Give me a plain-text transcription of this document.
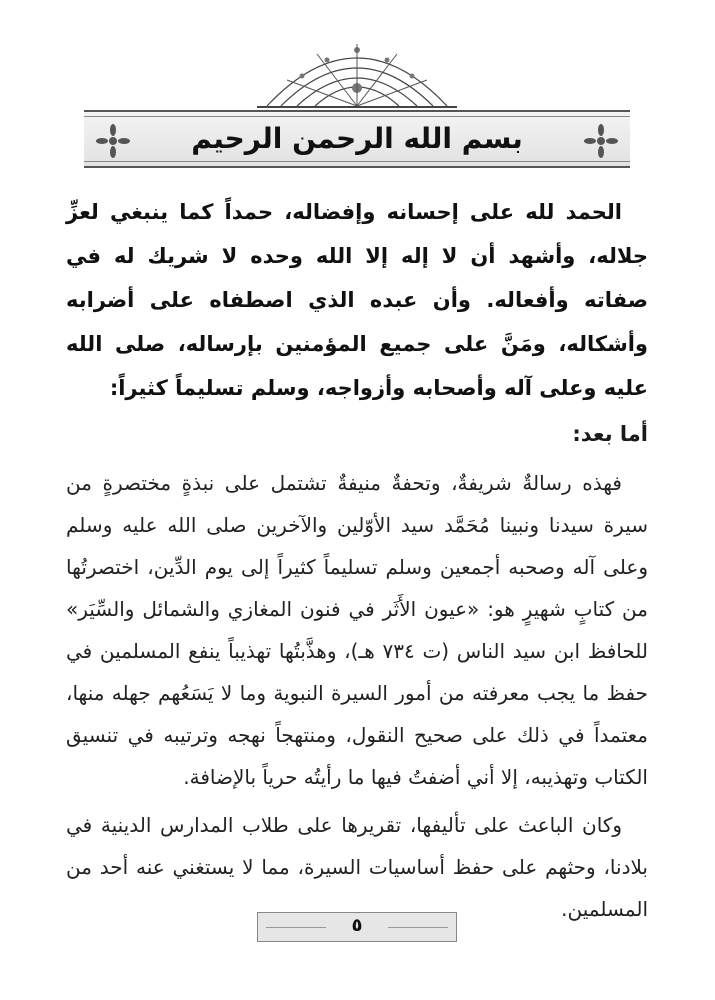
بسم الله الرحمن الرحيم

الحمد لله على إحسانه وإفضاله، حمداً كما ينبغي لعزِّ جلاله، وأشهد أن لا إله إلا الله وحده لا شريك له في صفاته وأفعاله. وأن عبده الذي اصطفاه على أضرابه وأشكاله، ومَنَّ على جميع المؤمنين بإرساله، صلى الله عليه وعلى آله وأصحابه وأزواجه، وسلم تسليماً كثيراً:

أما بعد:

فهذه رسالةٌ شريفةٌ، وتحفةٌ منيفةٌ تشتمل على نبذةٍ مختصرةٍ من سيرة سيدنا ونبينا مُحَمَّد سيد الأوّلين والآخرين صلى الله عليه وسلم وعلى آله وصحبه أجمعين وسلم تسليماً كثيراً إلى يوم الدِّين، اختصرتُها من كتابٍ شهيرٍ هو: «عيون الأَثَر في فنون المغازي والشمائل والسِّيَر» للحافظ ابن سيد الناس (ت ٧٣٤ هـ)، وهذَّبتُها تهذيباً ينفع المسلمين في حفظ ما يجب معرفته من أمور السيرة النبوية وما لا يَسَعُهم جهله منها، معتمداً في ذلك على صحيح النقول، ومنتهجاً نهجه وترتيبه في تنسيق الكتاب وتهذيبه، إلا أني أضفتُ فيها ما رأيتُه حرياً بالإضافة.

وكان الباعث على تأليفها، تقريرها على طلاب المدارس الدينية في بلادنا، وحثهم على حفظ أساسيات السيرة، مما لا يستغني عنه أحد من المسلمين.

٥
